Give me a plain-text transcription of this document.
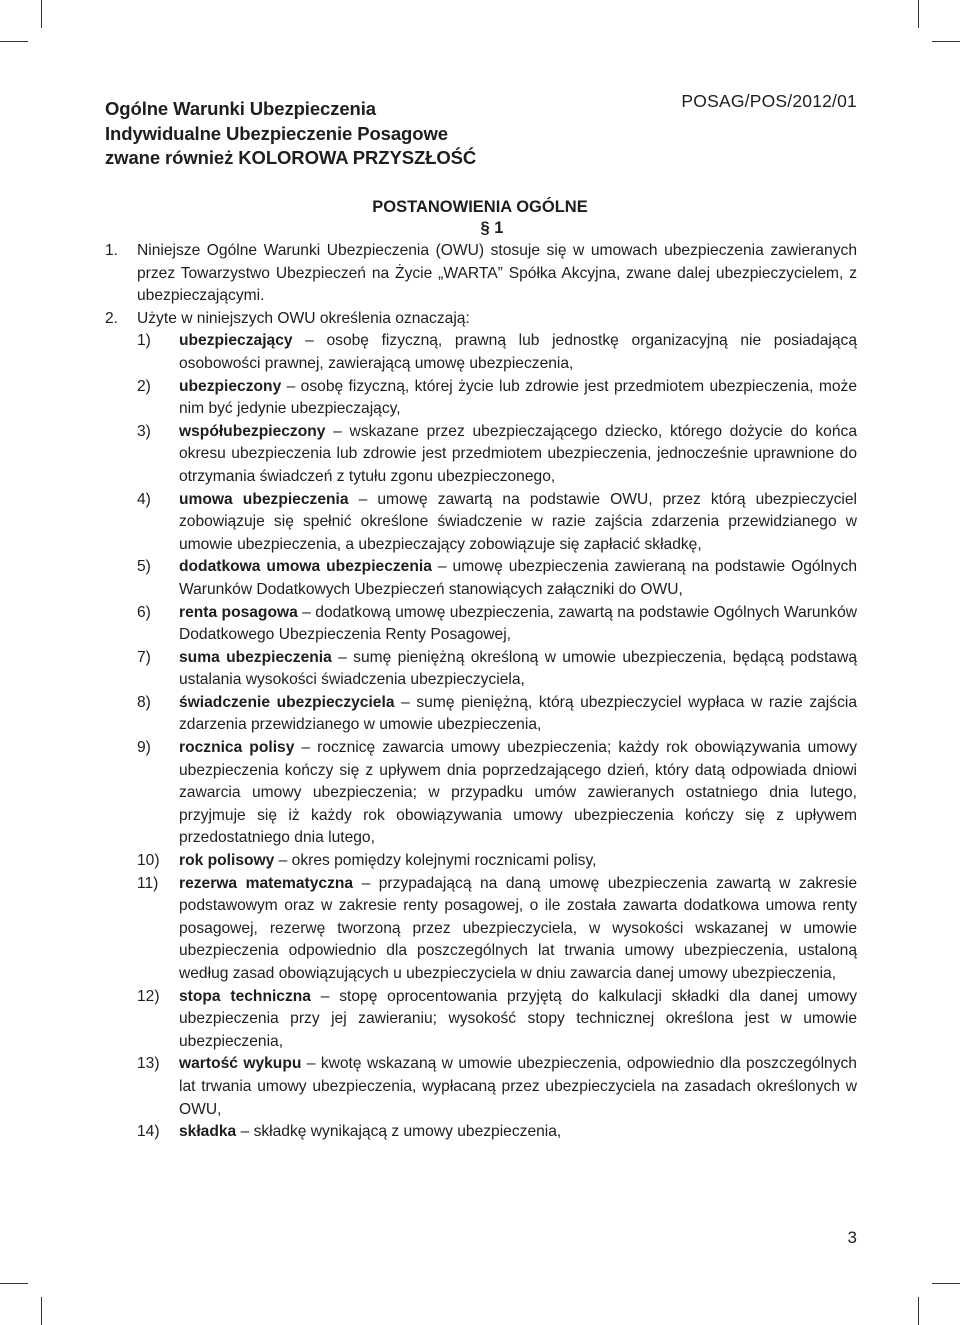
Ogólne Warunki Ubezpieczenia
Indywidualne Ubezpieczenie Posagowe
zwane również KOLOROWA PRZYSZŁOŚĆ
POSAG/POS/2012/01
POSTANOWIENIA OGÓLNE
§ 1
1.	Niniejsze Ogólne Warunki Ubezpieczenia (OWU) stosuje się w umowach ubezpieczenia zawieranych przez Towarzystwo Ubezpieczeń na Życie „WARTA” Spółka Akcyjna, zwane dalej ubezpieczycielem, z ubezpieczającymi.
2.	Użyte w niniejszych OWU określenia oznaczają:
1)	ubezpieczający – osobę fizyczną, prawną lub jednostkę organizacyjną nie posiadającą osobowości prawnej, zawierającą umowę ubezpieczenia,
2)	ubezpieczony – osobę fizyczną, której życie lub zdrowie jest przedmiotem ubezpieczenia, może nim być jedynie ubezpieczający,
3)	współubezpieczony – wskazane przez ubezpieczającego dziecko, którego dożycie do końca okresu ubezpieczenia lub zdrowie jest przedmiotem ubezpieczenia, jednocześnie uprawnione do otrzymania świadczeń z tytułu zgonu ubezpieczonego,
4)	umowa ubezpieczenia – umowę zawartą na podstawie OWU, przez którą ubezpieczyciel zobowiązuje się spełnić określone świadczenie w razie zajścia zdarzenia przewidzianego w umowie ubezpieczenia, a ubezpieczający zobowiązuje się zapłacić składkę,
5)	dodatkowa umowa ubezpieczenia – umowę ubezpieczenia zawieraną na podstawie Ogólnych Warunków Dodatkowych Ubezpieczeń stanowiących załączniki do OWU,
6)	renta posagowa – dodatkową umowę ubezpieczenia, zawartą na podstawie Ogólnych Warunków Dodatkowego Ubezpieczenia Renty Posagowej,
7)	suma ubezpieczenia – sumę pieniężną określoną w umowie ubezpieczenia, będącą podstawą ustalania wysokości świadczenia ubezpieczyciela,
8)	świadczenie ubezpieczyciela – sumę pieniężną, którą ubezpieczyciel wypłaca w razie zajścia zdarzenia przewidzianego w umowie ubezpieczenia,
9)	rocznica polisy – rocznicę zawarcia umowy ubezpieczenia; każdy rok obowiązywania umowy ubezpieczenia kończy się z upływem dnia poprzedzającego dzień, który datą odpowiada dniowi zawarcia umowy ubezpieczenia; w przypadku umów zawieranych ostatniego dnia lutego, przyjmuje się iż każdy rok obowiązywania umowy ubezpieczenia kończy się z upływem przedostatniego dnia lutego,
10)	rok polisowy – okres pomiędzy kolejnymi rocznicami polisy,
11)	rezerwa matematyczna – przypadającą na daną umowę ubezpieczenia zawartą w zakresie podstawowym oraz w zakresie renty posagowej, o ile została zawarta dodatkowa umowa renty posagowej, rezerwę tworzoną przez ubezpieczyciela, w wysokości wskazanej w umowie ubezpieczenia odpowiednio dla poszczególnych lat trwania umowy ubezpieczenia, ustaloną według zasad obowiązujących u ubezpieczyciela w dniu zawarcia danej umowy ubezpieczenia,
12)	stopa techniczna – stopę oprocentowania przyjętą do kalkulacji składki dla danej umowy ubezpieczenia przy jej zawieraniu; wysokość stopy technicznej określona jest w umowie ubezpieczenia,
13)	wartość wykupu – kwotę wskazaną w umowie ubezpieczenia, odpowiednio dla poszczególnych lat trwania umowy ubezpieczenia, wypłacaną przez ubezpieczyciela na zasadach określonych w OWU,
14)	składka – składkę wynikającą z umowy ubezpieczenia,
3
